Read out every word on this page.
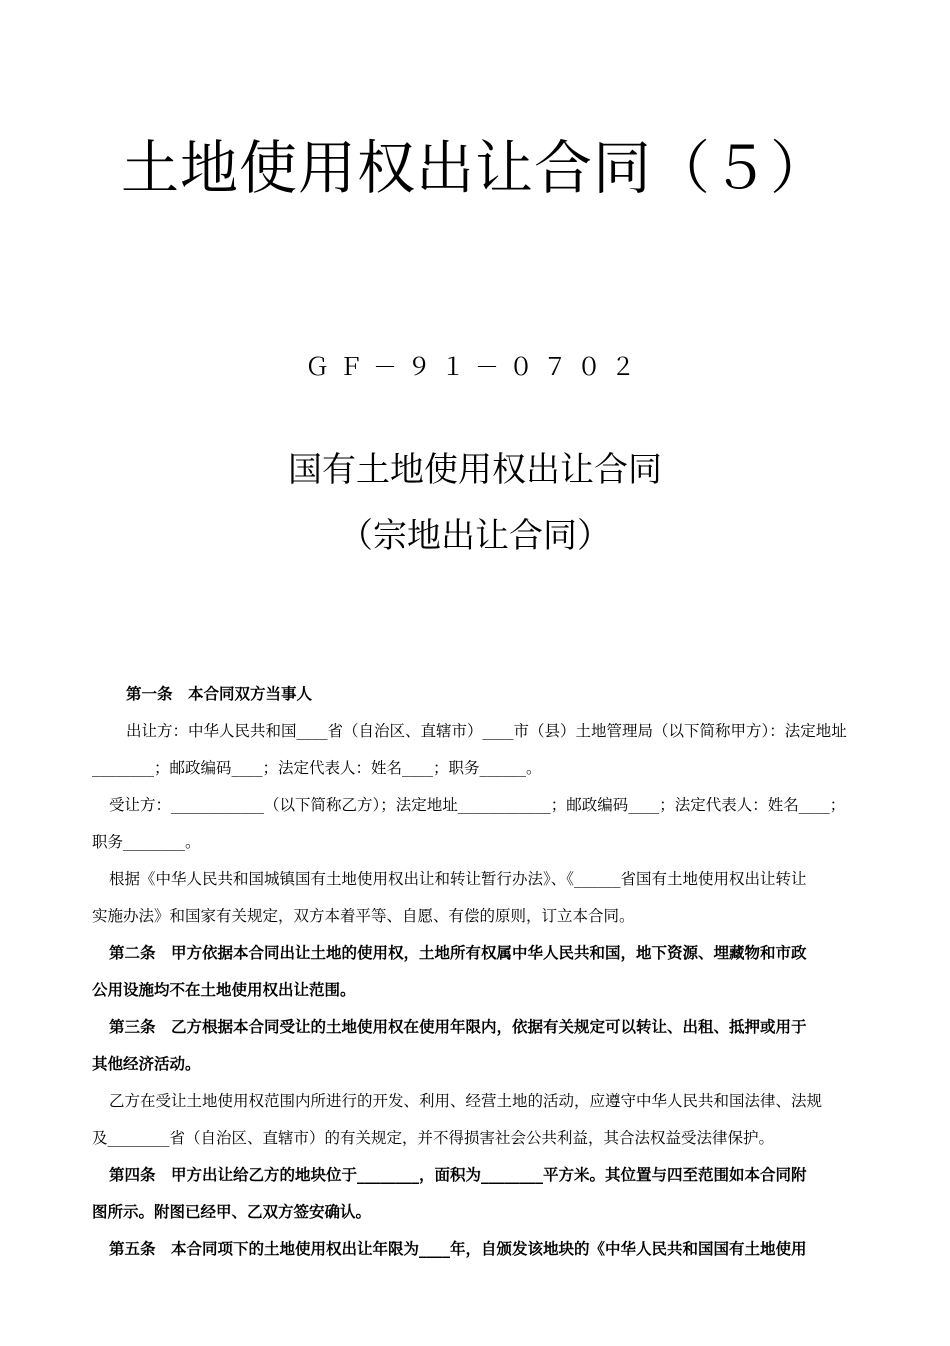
土地使用权出让合同（５）
ＧＦ－９１－０７０２
国有土地使用权出让合同
（宗地出让合同）
第一条　本合同双方当事人
出让方：中华人民共和国____省（自治区、直辖市）____市（县）土地管理局（以下简称甲方）：法定地址
________；邮政编码____；法定代表人：姓名____；职务______。
受让方：____________（以下简称乙方）；法定地址____________；邮政编码____；法定代表人：姓名____；
职务________。
根据《中华人民共和国城镇国有土地使用权出让和转让暂行办法》、《______省国有土地使用权出让转让
实施办法》和国家有关规定，双方本着平等、自愿、有偿的原则，订立本合同。
第二条　甲方依据本合同出让土地的使用权，土地所有权属中华人民共和国，地下资源、埋藏物和市政
公用设施均不在土地使用权出让范围。
第三条　乙方根据本合同受让的土地使用权在使用年限内，依据有关规定可以转让、出租、抵押或用于
其他经济活动。
乙方在受让土地使用权范围内所进行的开发、利用、经营土地的活动，应遵守中华人民共和国法律、法规
及________省（自治区、直辖市）的有关规定，并不得损害社会公共利益，其合法权益受法律保护。
第四条　甲方出让给乙方的地块位于________，面积为________平方米。其位置与四至范围如本合同附
图所示。附图已经甲、乙双方签安确认。
第五条　本合同项下的土地使用权出让年限为____年，自颁发该地块的《中华人民共和国国有土地使用
